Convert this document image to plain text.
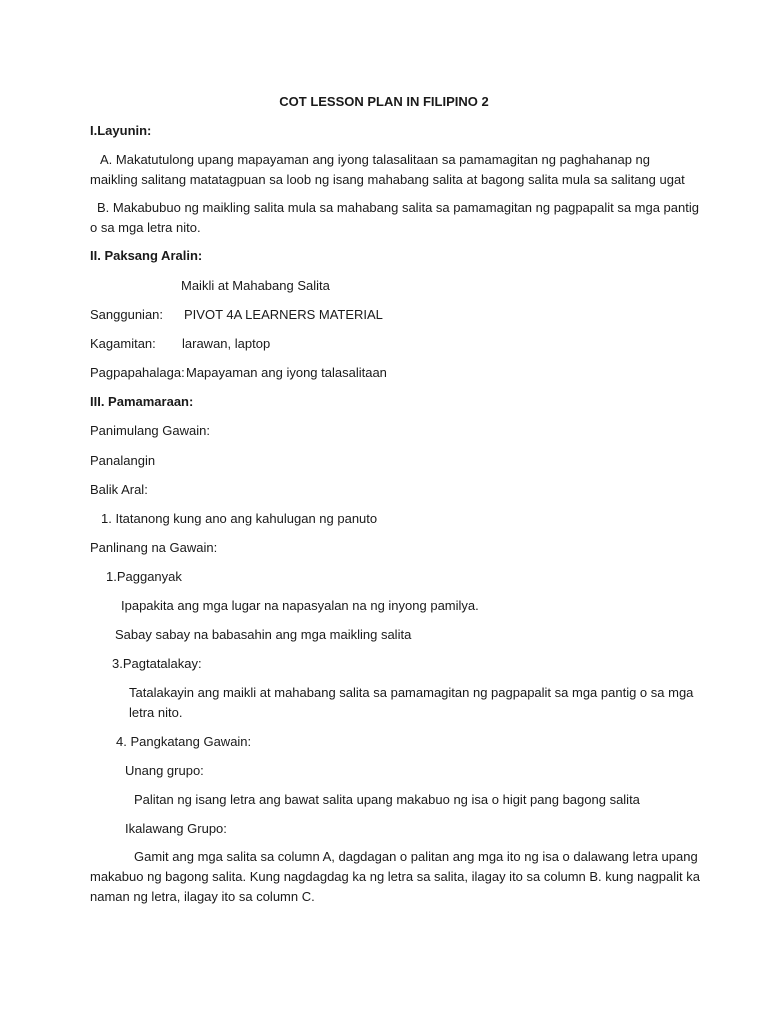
COT LESSON PLAN IN FILIPINO 2

I.Layunin:

A. Makatutulong upang mapayaman ang iyong talasalitaan sa pamamagitan ng paghahanap ng

maikling salitang matatagpuan sa loob ng isang mahabang salita at bagong salita mula sa salitang ugat

B. Makabubuo ng maikling salita mula sa mahabang salita sa pamamagitan ng pagpapalit sa mga pantig

o sa mga letra nito.

II. Paksang Aralin:

Maikli at Mahabang Salita

Sanggunian: PIVOT 4A LEARNERS MATERIAL

Kagamitan: larawan, laptop

Pagpapahalaga: Mapayaman ang iyong talasalitaan

III. Pamamaraan:

Panimulang Gawain:

Panalangin

Balik Aral:

1. Itatanong kung ano ang kahulugan ng panuto

Panlinang na Gawain:

1.Pagganyak

Ipapakita ang mga lugar na napasyalan na ng inyong pamilya.

Sabay sabay na babasahin ang mga maikling salita

3.Pagtatalakay:

Tatalakayin ang maikli at mahabang salita sa pamamagitan ng pagpapalit sa mga pantig o sa mga

letra nito.

4. Pangkatang Gawain:

Unang grupo:

Palitan ng isang letra ang bawat salita upang makabuo ng isa o higit pang bagong salita

Ikalawang Grupo:

Gamit ang mga salita sa column A, dagdagan o palitan ang mga ito ng isa o dalawang letra upang

makabuo ng bagong salita. Kung nagdagdag ka ng letra sa salita, ilagay ito sa column B. kung nagpalit ka

naman ng letra, ilagay ito sa column C.
